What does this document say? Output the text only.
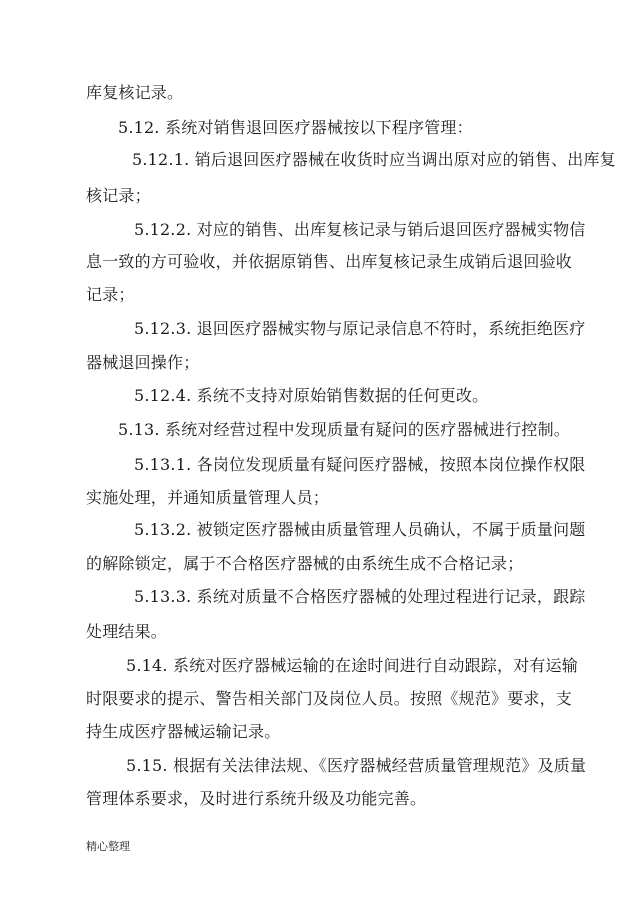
库复核记录。
5.12. 系统对销售退回医疗器械按以下程序管理：
5.12.1. 销后退回医疗器械在收货时应当调出原对应的销售、出库复
核记录；
5.12.2. 对应的销售、出库复核记录与销后退回医疗器械实物信
息一致的方可验收，并依据原销售、出库复核记录生成销后退回验收
记录；
5.12.3. 退回医疗器械实物与原记录信息不符时，系统拒绝医疗
器械退回操作；
5.12.4. 系统不支持对原始销售数据的任何更改。
5.13. 系统对经营过程中发现质量有疑问的医疗器械进行控制。
5.13.1. 各岗位发现质量有疑问医疗器械，按照本岗位操作权限
实施处理，并通知质量管理人员；
5.13.2. 被锁定医疗器械由质量管理人员确认，不属于质量问题
的解除锁定，属于不合格医疗器械的由系统生成不合格记录；
5.13.3. 系统对质量不合格医疗器械的处理过程进行记录，跟踪
处理结果。
5.14. 系统对医疗器械运输的在途时间进行自动跟踪，对有运输
时限要求的提示、警告相关部门及岗位人员。按照《规范》要求，支
持生成医疗器械运输记录。
5.15. 根据有关法律法规、《医疗器械经营质量管理规范》及质量
管理体系要求，及时进行系统升级及功能完善。
精心整理
